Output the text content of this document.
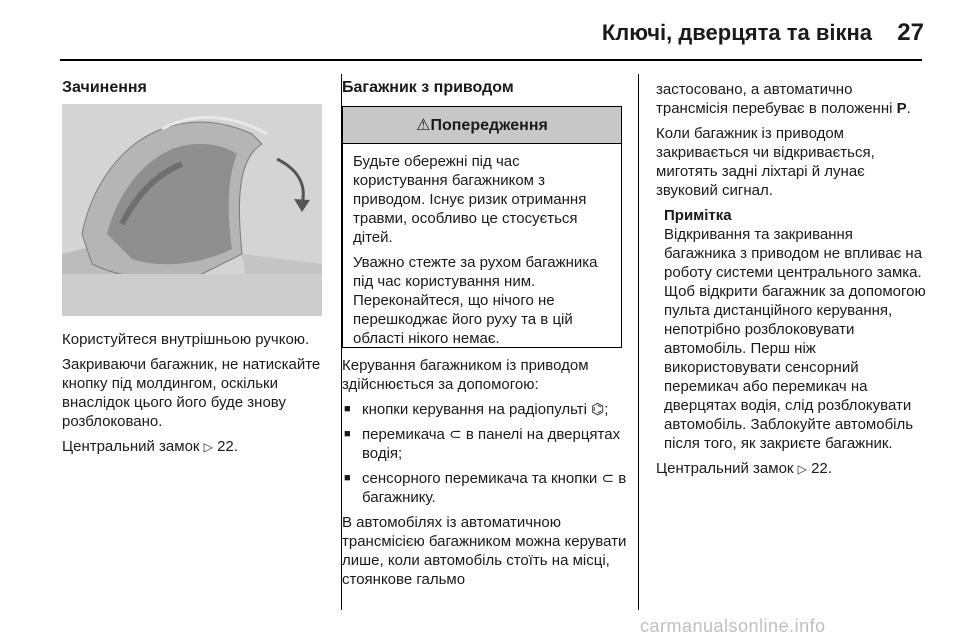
Ключі, дверцята та вікна 27
Зачинення

Користуйтеся внутрішньою ручкою.

Закриваючи багажник, не натискайте кнопку під молдингом, оскільки внаслідок цього його буде знову розблоковано.

Центральний замок ▷ 22.

Багажник з приводом
⚠Попередження

Будьте обережні під час користування багажником з приводом. Існує ризик отримання травми, особливо це стосується дітей.

Уважно стежте за рухом багажника під час користування ним. Переконайтеся, що нічого не перешкоджає його руху та в цій області нікого немає.

Керування багажником із приводом здійснюється за допомогою:

■ кнопки керування на радіопульті ⌬;
■ перемикача ⊂ в панелі на дверцятах водія;
■ сенсорного перемикача та кнопки ⊂ в багажнику.

В автомобілях із автоматичною трансмісією багажником можна керувати лише, коли автомобіль стоїть на місці, стоянкове гальмо

застосовано, а автоматично трансмісія перебуває в положенні P.

Коли багажник із приводом закривається чи відкривається, миготять задні ліхтарі й лунає звуковий сигнал.

Примітка

Відкривання та закривання багажника з приводом не впливає на роботу системи центрального замка. Щоб відкрити багажник за допомогою пульта дистанційного керування, непотрібно розблоковувати автомобіль. Перш ніж використовувати сенсорний перемикач або перемикач на дверцятах водія, слід розблокувати автомобіль. Заблокуйте автомобіль після того, як закриєте багажник.

Центральний замок ▷ 22.

carmanualsonline.info
